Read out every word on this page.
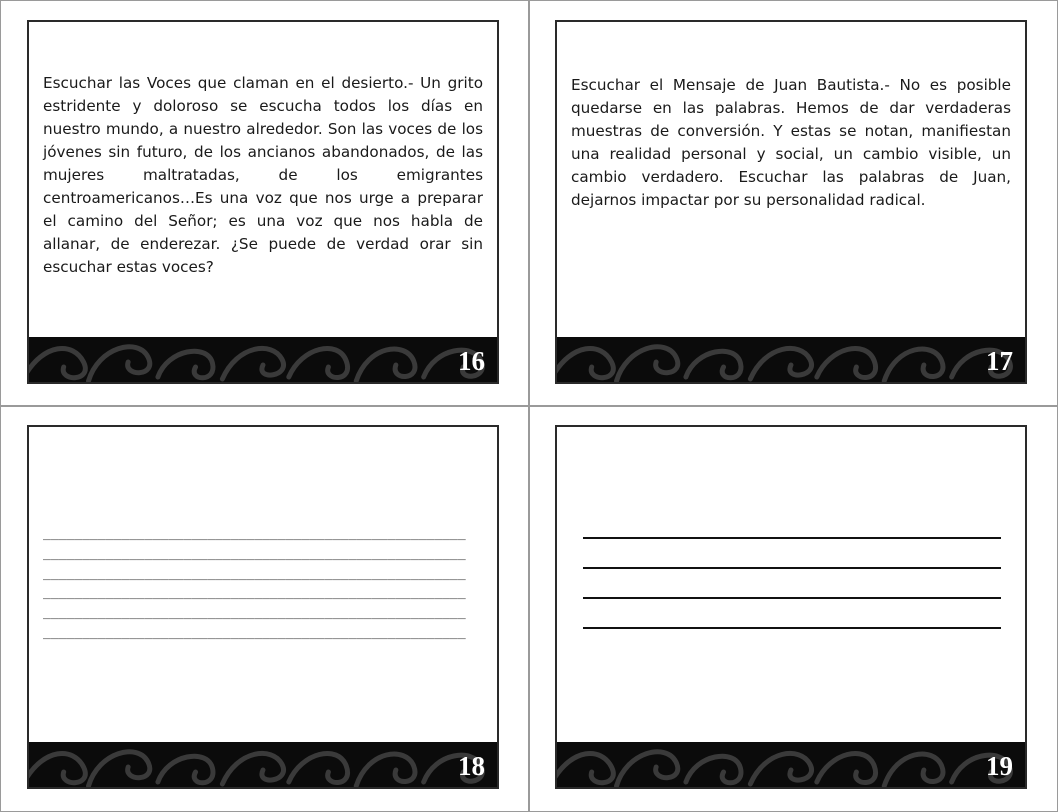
Escuchar las Voces que claman en el desierto.- Un grito estridente y doloroso se escucha todos los días en nuestro mundo, a nuestro alrededor. Son las voces de los jóvenes sin futuro, de los ancianos abandonados, de las mujeres maltratadas, de los emigrantes centroamericanos…Es una voz que nos urge a preparar el camino del Señor; es una voz que nos habla de allanar, de enderezar. ¿Se puede de verdad orar sin escuchar estas voces?
16
Escuchar el Mensaje de Juan Bautista.- No es posible quedarse en las palabras. Hemos de dar verdaderas muestras de conversión. Y estas se notan, manifiestan una realidad personal y social, un cambio visible, un cambio verdadero. Escuchar las palabras de Juan, dejarnos impactar por su personalidad radical.
17
______________________________________________________
______________________________________________________
______________________________________________________
______________________________________________________
______________________________________________________
______________________________________________________
18	19
